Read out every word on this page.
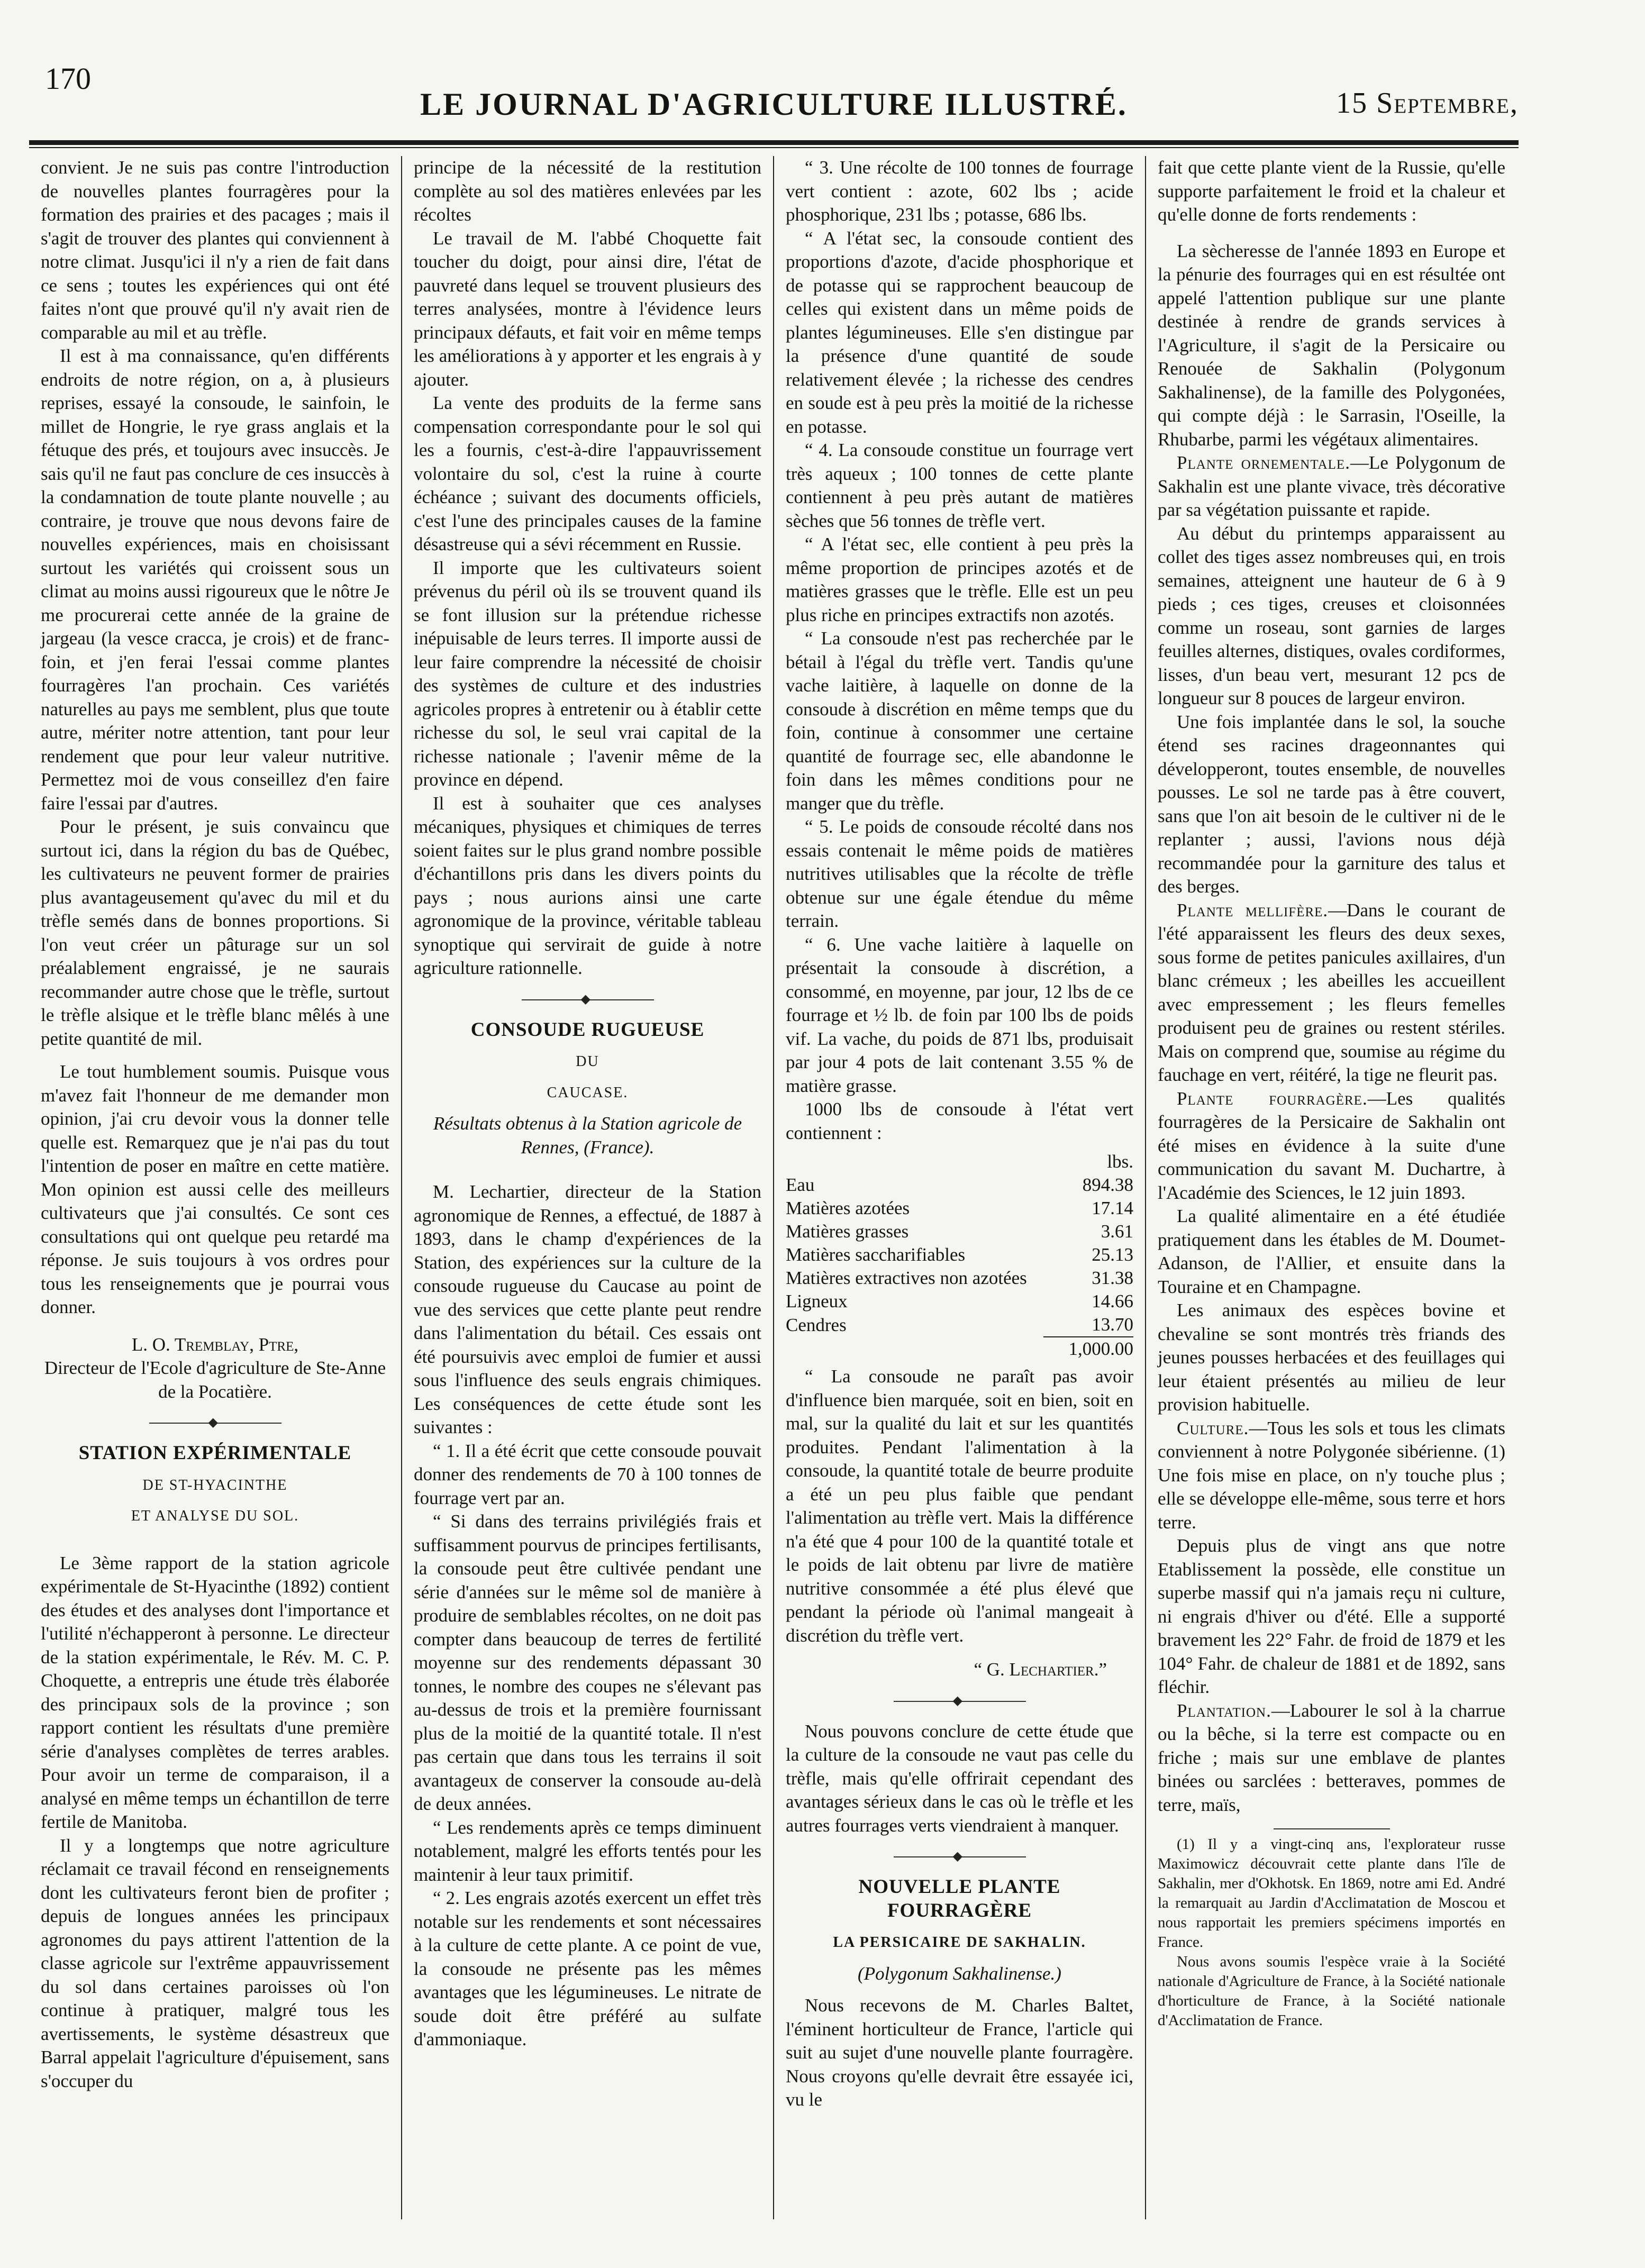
170
LE JOURNAL D'AGRICULTURE ILLUSTRÉ.	15 Septembre,

convient. Je ne suis pas contre l'introduction de nouvelles plantes fourragères pour la formation des prairies et des pacages ; mais il s'agit de trouver des plantes qui conviennent à notre climat. Jusqu'ici il n'y a rien de fait dans ce sens ; toutes les expériences qui ont été faites n'ont que prouvé qu'il n'y avait rien de comparable au mil et au trèfle.

Il est à ma connaissance, qu'en différents endroits de notre région, on a, à plusieurs reprises, essayé la consoude, le sainfoin, le millet de Hongrie, le rye grass anglais et la fétuque des prés, et toujours avec insuccès. Je sais qu'il ne faut pas conclure de ces insuccès à la condamnation de toute plante nouvelle ; au contraire, je trouve que nous devons faire de nouvelles expériences, mais en choisissant surtout les variétés qui croissent sous un climat au moins aussi rigoureux que le nôtre Je me procurerai cette année de la graine de jargeau (la vesce cracca, je crois) et de franc-foin, et j'en ferai l'essai comme plantes fourragères l'an prochain. Ces variétés naturelles au pays me semblent, plus que toute autre, mériter notre attention, tant pour leur rendement que pour leur valeur nutritive. Permettez moi de vous conseillez d'en faire faire l'essai par d'autres.

Pour le présent, je suis convaincu que surtout ici, dans la région du bas de Québec, les cultivateurs ne peuvent former de prairies plus avantageusement qu'avec du mil et du trèfle semés dans de bonnes proportions. Si l'on veut créer un pâturage sur un sol préalablement engraissé, je ne saurais recommander autre chose que le trèfle, surtout le trèfle alsique et le trèfle blanc mêlés à une petite quantité de mil.

Le tout humblement soumis. Puisque vous m'avez fait l'honneur de me demander mon opinion, j'ai cru devoir vous la donner telle quelle est. Remarquez que je n'ai pas du tout l'intention de poser en maître en cette matière. Mon opinion est aussi celle des meilleurs cultivateurs que j'ai consultés. Ce sont ces consultations qui ont quelque peu retardé ma réponse. Je suis toujours à vos ordres pour tous les renseignements que je pourrai vous donner.

L. O. Tremblay, Ptre,
Directeur de l'Ecole d'agriculture de Ste-Anne de la Pocatière.
◆
STATION EXPÉRIMENTALE
DE ST-HYACINTHE
ET ANALYSE DU SOL.

Le 3ème rapport de la station agricole expérimentale de St-Hyacinthe (1892) contient des études et des analyses dont l'importance et l'utilité n'échapperont à personne. Le directeur de la station expérimentale, le Rév. M. C. P. Choquette, a entrepris une étude très élaborée des principaux sols de la province ; son rapport contient les résultats d'une première série d'analyses complètes de terres arables. Pour avoir un terme de comparaison, il a analysé en même temps un échantillon de terre fertile de Manitoba.

Il y a longtemps que notre agriculture réclamait ce travail fécond en renseignements dont les cultivateurs feront bien de profiter ; depuis de longues années les principaux agronomes du pays attirent l'attention de la classe agricole sur l'extrême appauvrissement du sol dans certaines paroisses où l'on continue à pratiquer, malgré tous les avertissements, le système désastreux que Barral appelait l'agriculture d'épuisement, sans s'occuper du

principe de la nécessité de la restitution complète au sol des matières enlevées par les récoltes

Le travail de M. l'abbé Choquette fait toucher du doigt, pour ainsi dire, l'état de pauvreté dans lequel se trouvent plusieurs des terres analysées, montre à l'évidence leurs principaux défauts, et fait voir en même temps les améliorations à y apporter et les engrais à y ajouter.

La vente des produits de la ferme sans compensation correspondante pour le sol qui les a fournis, c'est-à-dire l'appauvrissement volontaire du sol, c'est la ruine à courte échéance ; suivant des documents officiels, c'est l'une des principales causes de la famine désastreuse qui a sévi récemment en Russie.

Il importe que les cultivateurs soient prévenus du péril où ils se trouvent quand ils se font illusion sur la prétendue richesse inépuisable de leurs terres. Il importe aussi de leur faire comprendre la nécessité de choisir des systèmes de culture et des industries agricoles propres à entretenir ou à établir cette richesse du sol, le seul vrai capital de la richesse nationale ; l'avenir même de la province en dépend.

Il est à souhaiter que ces analyses mécaniques, physiques et chimiques de terres soient faites sur le plus grand nombre possible d'échantillons pris dans les divers points du pays ; nous aurions ainsi une carte agronomique de la province, véritable tableau synoptique qui servirait de guide à notre agriculture rationnelle.

◆
CONSOUDE RUGUEUSE
DU
CAUCASE.
Résultats obtenus à la Station agricole de Rennes, (France).

M. Lechartier, directeur de la Station agronomique de Rennes, a effectué, de 1887 à 1893, dans le champ d'expériences de la Station, des expériences sur la culture de la consoude rugueuse du Caucase au point de vue des services que cette plante peut rendre dans l'alimentation du bétail. Ces essais ont été poursuivis avec emploi de fumier et aussi sous l'influence des seuls engrais chimiques. Les conséquences de cette étude sont les suivantes :

“ 1. Il a été écrit que cette consoude pouvait donner des rendements de 70 à 100 tonnes de fourrage vert par an.

“ Si dans des terrains privilégiés frais et suffisamment pourvus de principes fertilisants, la consoude peut être cultivée pendant une série d'années sur le même sol de manière à produire de semblables récoltes, on ne doit pas compter dans beaucoup de terres de fertilité moyenne sur des rendements dépassant 30 tonnes, le nombre des coupes ne s'élevant pas au-dessus de trois et la première fournissant plus de la moitié de la quantité totale. Il n'est pas certain que dans tous les terrains il soit avantageux de conserver la consoude au-delà de deux années.

“ Les rendements après ce temps diminuent notablement, malgré les efforts tentés pour les maintenir à leur taux primitif.

“ 2. Les engrais azotés exercent un effet très notable sur les rendements et sont nécessaires à la culture de cette plante. A ce point de vue, la consoude ne présente pas les mêmes avantages que les légumineuses. Le nitrate de soude doit être préféré au sulfate d'ammoniaque.

“ 3. Une récolte de 100 tonnes de fourrage vert contient : azote, 602 lbs ; acide phosphorique, 231 lbs ; potasse, 686 lbs.

“ A l'état sec, la consoude contient des proportions d'azote, d'acide phosphorique et de potasse qui se rapprochent beaucoup de celles qui existent dans un même poids de plantes légumineuses. Elle s'en distingue par la présence d'une quantité de soude relativement élevée ; la richesse des cendres en soude est à peu près la moitié de la richesse en potasse.

“ 4. La consoude constitue un fourrage vert très aqueux ; 100 tonnes de cette plante contiennent à peu près autant de matières sèches que 56 tonnes de trèfle vert.

“ A l'état sec, elle contient à peu près la même proportion de principes azotés et de matières grasses que le trèfle. Elle est un peu plus riche en principes extractifs non azotés.

“ La consoude n'est pas recherchée par le bétail à l'égal du trèfle vert. Tandis qu'une vache laitière, à laquelle on donne de la consoude à discrétion en même temps que du foin, continue à consommer une certaine quantité de fourrage sec, elle abandonne le foin dans les mêmes conditions pour ne manger que du trèfle.

“ 5. Le poids de consoude récolté dans nos essais contenait le même poids de matières nutritives utilisables que la récolte de trèfle obtenue sur une égale étendue du même terrain.

“ 6. Une vache laitière à laquelle on présentait la consoude à discrétion, a consommé, en moyenne, par jour, 12 lbs de ce fourrage et ½ lb. de foin par 100 lbs de poids vif. La vache, du poids de 871 lbs, produisait par jour 4 pots de lait contenant 3.55 % de matière grasse.

1000 lbs de consoude à l'état vert contiennent :

	lbs.
Eau	894.38
Matières azotées	17.14
Matières grasses	3.61
Matières saccharifiables	25.13
Matières extractives non azotées	31.38
Ligneux	14.66
Cendres	13.70
	1,000.00

“ La consoude ne paraît pas avoir d'influence bien marquée, soit en bien, soit en mal, sur la qualité du lait et sur les quantités produites. Pendant l'alimentation à la consoude, la quantité totale de beurre produite a été un peu plus faible que pendant l'alimentation au trèfle vert. Mais la différence n'a été que 4 pour 100 de la quantité totale et le poids de lait obtenu par livre de matière nutritive consommée a été plus élevé que pendant la période où l'animal mangeait à discrétion du trèfle vert.

“ G. Lechartier.”
◆

Nous pouvons conclure de cette étude que la culture de la consoude ne vaut pas celle du trèfle, mais qu'elle offrirait cependant des avantages sérieux dans le cas où le trèfle et les autres fourrages verts viendraient à manquer.

◆
NOUVELLE PLANTE FOURRAGÈRE
LA PERSICAIRE DE SAKHALIN.
(Polygonum Sakhalinense.)

Nous recevons de M. Charles Baltet, l'éminent horticulteur de France, l'article qui suit au sujet d'une nouvelle plante fourragère. Nous croyons qu'elle devrait être essayée ici, vu le

fait que cette plante vient de la Russie, qu'elle supporte parfaitement le froid et la chaleur et qu'elle donne de forts rendements :

La sècheresse de l'année 1893 en Europe et la pénurie des fourrages qui en est résultée ont appelé l'attention publique sur une plante destinée à rendre de grands services à l'Agriculture, il s'agit de la Persicaire ou Renouée de Sakhalin (Polygonum Sakhalinense), de la famille des Polygonées, qui compte déjà : le Sarrasin, l'Oseille, la Rhubarbe, parmi les végétaux alimentaires.

Plante ornementale.—Le Polygonum de Sakhalin est une plante vivace, très décorative par sa végétation puissante et rapide.

Au début du printemps apparaissent au collet des tiges assez nombreuses qui, en trois semaines, atteignent une hauteur de 6 à 9 pieds ; ces tiges, creuses et cloisonnées comme un roseau, sont garnies de larges feuilles alternes, distiques, ovales cordiformes, lisses, d'un beau vert, mesurant 12 pcs de longueur sur 8 pouces de largeur environ.

Une fois implantée dans le sol, la souche étend ses racines drageonnantes qui développeront, toutes ensemble, de nouvelles pousses. Le sol ne tarde pas à être couvert, sans que l'on ait besoin de le cultiver ni de le replanter ; aussi, l'avions nous déjà recommandée pour la garniture des talus et des berges.

Plante mellifère.—Dans le courant de l'été apparaissent les fleurs des deux sexes, sous forme de petites panicules axillaires, d'un blanc crémeux ; les abeilles les accueillent avec empressement ; les fleurs femelles produisent peu de graines ou restent stériles. Mais on comprend que, soumise au régime du fauchage en vert, réitéré, la tige ne fleurit pas.

Plante fourragère.—Les qualités fourragères de la Persicaire de Sakhalin ont été mises en évidence à la suite d'une communication du savant M. Duchartre, à l'Académie des Sciences, le 12 juin 1893.

La qualité alimentaire en a été étudiée pratiquement dans les étables de M. Doumet-Adanson, de l'Allier, et ensuite dans la Touraine et en Champagne.

Les animaux des espèces bovine et chevaline se sont montrés très friands des jeunes pousses herbacées et des feuillages qui leur étaient présentés au milieu de leur provision habituelle.

Culture.—Tous les sols et tous les climats conviennent à notre Polygonée sibérienne. (1) Une fois mise en place, on n'y touche plus ; elle se développe elle-même, sous terre et hors terre.

Depuis plus de vingt ans que notre Etablissement la possède, elle constitue un superbe massif qui n'a jamais reçu ni culture, ni engrais d'hiver ou d'été. Elle a supporté bravement les 22° Fahr. de froid de 1879 et les 104° Fahr. de chaleur de 1881 et de 1892, sans fléchir.

Plantation.—Labourer le sol à la charrue ou la bêche, si la terre est compacte ou en friche ; mais sur une emblave de plantes binées ou sarclées : betteraves, pommes de terre, maïs,

(1) Il y a vingt-cinq ans, l'explorateur russe Maximowicz découvrait cette plante dans l'île de Sakhalin, mer d'Okhotsk. En 1869, notre ami Ed. André la remarquait au Jardin d'Acclimatation de Moscou et nous rapportait les premiers spécimens importés en France.

Nous avons soumis l'espèce vraie à la Société nationale d'Agriculture de France, à la Société nationale d'horticulture de France, à la Société nationale d'Acclimatation de France.
